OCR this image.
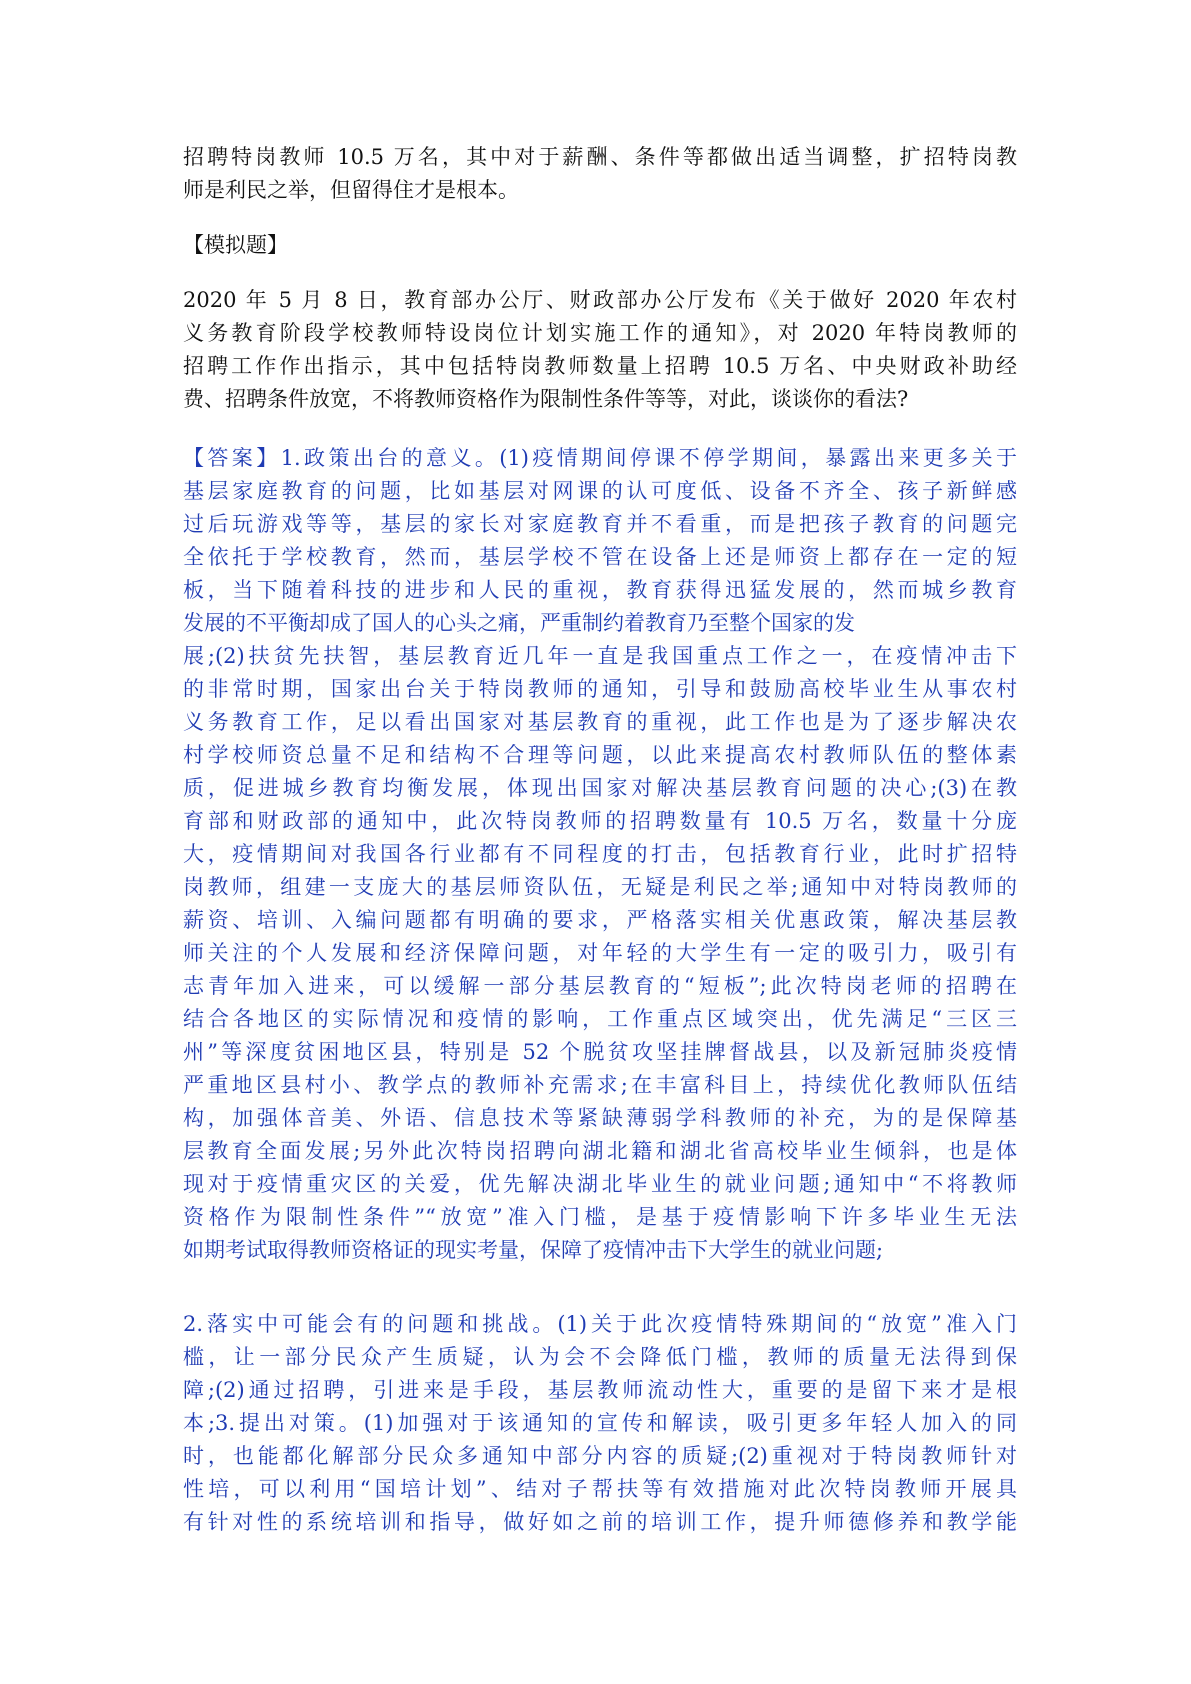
招聘特岗教师 10.5 万名，其中对于薪酬、条件等都做出适当调整，扩招特岗教
师是利民之举，但留得住才是根本。
【模拟题】
2020 年 5 月 8 日，教育部办公厅、财政部办公厅发布《关于做好 2020 年农村
义务教育阶段学校教师特设岗位计划实施工作的通知》，对 2020 年特岗教师的
招聘工作作出指示，其中包括特岗教师数量上招聘 10.5 万名、中央财政补助经
费、招聘条件放宽，不将教师资格作为限制性条件等等，对此，谈谈你的看法?
【答案】1.政策出台的意义。(1)疫情期间停课不停学期间，暴露出来更多关于
基层家庭教育的问题，比如基层对网课的认可度低、设备不齐全、孩子新鲜感
过后玩游戏等等，基层的家长对家庭教育并不看重，而是把孩子教育的问题完
全依托于学校教育，然而，基层学校不管在设备上还是师资上都存在一定的短
板，当下随着科技的进步和人民的重视，教育获得迅猛发展的，然而城乡教育
发展的不平衡却成了国人的心头之痛，严重制约着教育乃至整个国家的发
展;(2)扶贫先扶智，基层教育近几年一直是我国重点工作之一，在疫情冲击下
的非常时期，国家出台关于特岗教师的通知，引导和鼓励高校毕业生从事农村
义务教育工作，足以看出国家对基层教育的重视，此工作也是为了逐步解决农
村学校师资总量不足和结构不合理等问题，以此来提高农村教师队伍的整体素
质，促进城乡教育均衡发展，体现出国家对解决基层教育问题的决心;(3)在教
育部和财政部的通知中，此次特岗教师的招聘数量有 10.5 万名，数量十分庞
大，疫情期间对我国各行业都有不同程度的打击，包括教育行业，此时扩招特
岗教师，组建一支庞大的基层师资队伍，无疑是利民之举;通知中对特岗教师的
薪资、培训、入编问题都有明确的要求，严格落实相关优惠政策，解决基层教
师关注的个人发展和经济保障问题，对年轻的大学生有一定的吸引力，吸引有
志青年加入进来，可以缓解一部分基层教育的“短板”;此次特岗老师的招聘在
结合各地区的实际情况和疫情的影响，工作重点区域突出，优先满足“三区三
州”等深度贫困地区县，特别是 52 个脱贫攻坚挂牌督战县，以及新冠肺炎疫情
严重地区县村小、教学点的教师补充需求;在丰富科目上，持续优化教师队伍结
构，加强体音美、外语、信息技术等紧缺薄弱学科教师的补充，为的是保障基
层教育全面发展;另外此次特岗招聘向湖北籍和湖北省高校毕业生倾斜，也是体
现对于疫情重灾区的关爱，优先解决湖北毕业生的就业问题;通知中“不将教师
资格作为限制性条件”“放宽”准入门槛，是基于疫情影响下许多毕业生无法
如期考试取得教师资格证的现实考量，保障了疫情冲击下大学生的就业问题;
2.落实中可能会有的问题和挑战。(1)关于此次疫情特殊期间的“放宽”准入门
槛，让一部分民众产生质疑，认为会不会降低门槛，教师的质量无法得到保
障;(2)通过招聘，引进来是手段，基层教师流动性大，重要的是留下来才是根
本;3.提出对策。(1)加强对于该通知的宣传和解读，吸引更多年轻人加入的同
时，也能都化解部分民众多通知中部分内容的质疑;(2)重视对于特岗教师针对
性培，可以利用“国培计划”、结对子帮扶等有效措施对此次特岗教师开展具
有针对性的系统培训和指导，做好如之前的培训工作，提升师德修养和教学能
